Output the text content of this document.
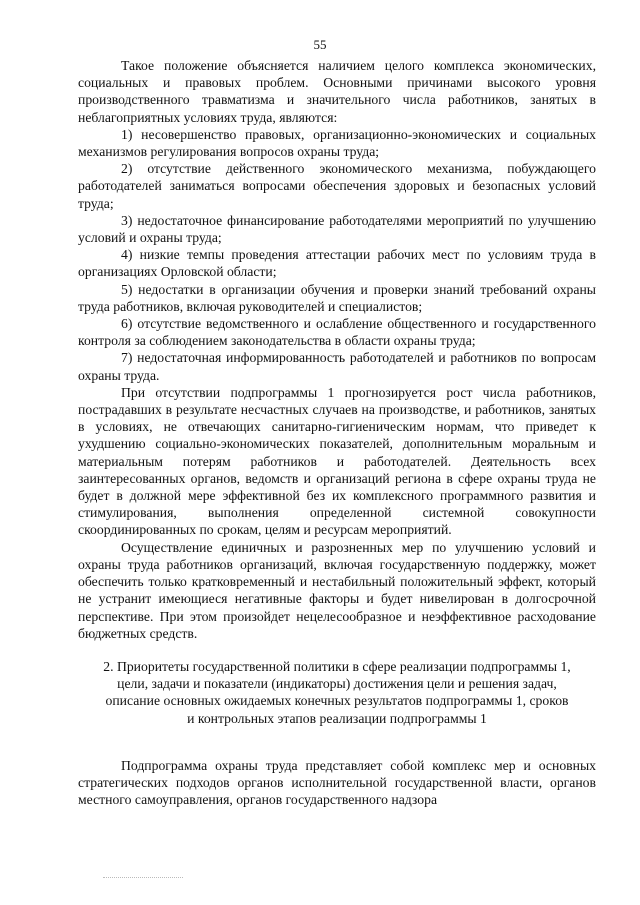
55

Такое положение объясняется наличием целого комплекса экономических, социальных и правовых проблем. Основными причинами высокого уровня производственного травматизма и значительного числа работников, занятых в неблагоприятных условиях труда, являются:

1) несовершенство правовых, организационно-экономических и социальных механизмов регулирования вопросов охраны труда;

2) отсутствие действенного экономического механизма, побуждающего работодателей заниматься вопросами обеспечения здоровых и безопасных условий труда;

3) недостаточное финансирование работодателями мероприятий по улучшению условий и охраны труда;

4) низкие темпы проведения аттестации рабочих мест по условиям труда в организациях Орловской области;

5) недостатки в организации обучения и проверки знаний требований охраны труда работников, включая руководителей и специалистов;

6) отсутствие ведомственного и ослабление общественного и государственного контроля за соблюдением законодательства в области охраны труда;

7) недостаточная информированность работодателей и работников по вопросам охраны труда.

При отсутствии подпрограммы 1 прогнозируется рост числа работников, пострадавших в результате несчастных случаев на производстве, и работников, занятых в условиях, не отвечающих санитарно-гигиеническим нормам, что приведет к ухудшению социально-экономических показателей, дополнительным моральным и материальным потерям работников и работодателей. Деятельность всех заинтересованных органов, ведомств и организаций региона в сфере охраны труда не будет в должной мере эффективной без их комплексного программного развития и стимулирования, выполнения определенной системной совокупности скоординированных по срокам, целям и ресурсам мероприятий.

Осуществление единичных и разрозненных мер по улучшению условий и охраны труда работников организаций, включая государственную поддержку, может обеспечить только кратковременный и нестабильный положительный эффект, который не устранит имеющиеся негативные факторы и будет нивелирован в долгосрочной перспективе. При этом произойдет нецелесообразное и неэффективное расходование бюджетных средств.

2. Приоритеты государственной политики в сфере реализации подпрограммы 1,
цели, задачи и показатели (индикаторы) достижения цели и решения задач,
описание основных ожидаемых конечных результатов подпрограммы 1, сроков
и контрольных этапов реализации подпрограммы 1

Подпрограмма охраны труда представляет собой комплекс мер и основных стратегических подходов органов исполнительной государственной власти, органов местного самоуправления, органов государственного надзора
